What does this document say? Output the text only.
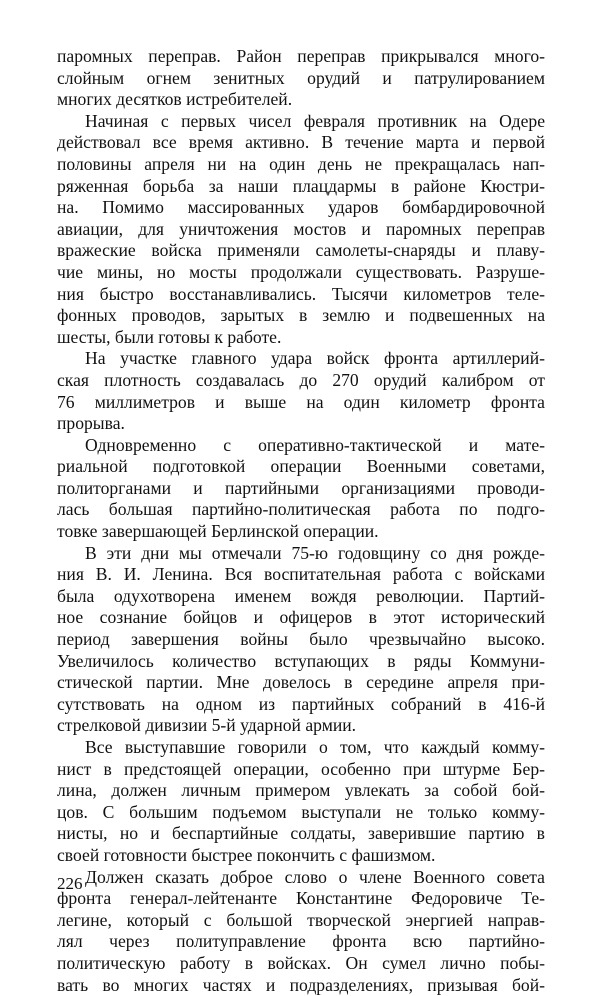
паромных переправ. Район переправ прикрывался много-
слойным огнем зенитных орудий и патрулированием
многих десятков истребителей.
Начиная с первых чисел февраля противник на Одере
действовал все время активно. В течение марта и первой
половины апреля ни на один день не прекращалась нап-
ряженная борьба за наши плацдармы в районе Кюстри-
на. Помимо массированных ударов бомбардировочной
авиации, для уничтожения мостов и паромных переправ
вражеские войска применяли самолеты-снаряды и плаву-
чие мины, но мосты продолжали существовать. Разруше-
ния быстро восстанавливались. Тысячи километров теле-
фонных проводов, зарытых в землю и подвешенных на
шесты, были готовы к работе.
На участке главного удара войск фронта артиллерий-
ская плотность создавалась до 270 орудий калибром от
76 миллиметров и выше на один километр фронта
прорыва.
Одновременно с оперативно-тактической и мате-
риальной подготовкой операции Военными советами,
политорганами и партийными организациями проводи-
лась большая партийно-политическая работа по подго-
товке завершающей Берлинской операции.
В эти дни мы отмечали 75-ю годовщину со дня рожде-
ния В. И. Ленина. Вся воспитательная работа с войсками
была одухотворена именем вождя революции. Партий-
ное сознание бойцов и офицеров в этот исторический
период завершения войны было чрезвычайно высоко.
Увеличилось количество вступающих в ряды Коммуни-
стической партии. Мне довелось в середине апреля при-
сутствовать на одном из партийных собраний в 416-й
стрелковой дивизии 5-й ударной армии.
Все выступавшие говорили о том, что каждый комму-
нист в предстоящей операции, особенно при штурме Бер-
лина, должен личным примером увлекать за собой бой-
цов. С большим подъемом выступали не только комму-
нисты, но и беспартийные солдаты, заверившие партию в
своей готовности быстрее покончить с фашизмом.
Должен сказать доброе слово о члене Военного совета
фронта генерал-лейтенанте Константине Федоровиче Те-
легине, который с большой творческой энергией направ-
лял через политуправление фронта всю партийно-
политическую работу в войсках. Он сумел лично побы-
вать во многих частях и подразделениях, призывая бой-
226
